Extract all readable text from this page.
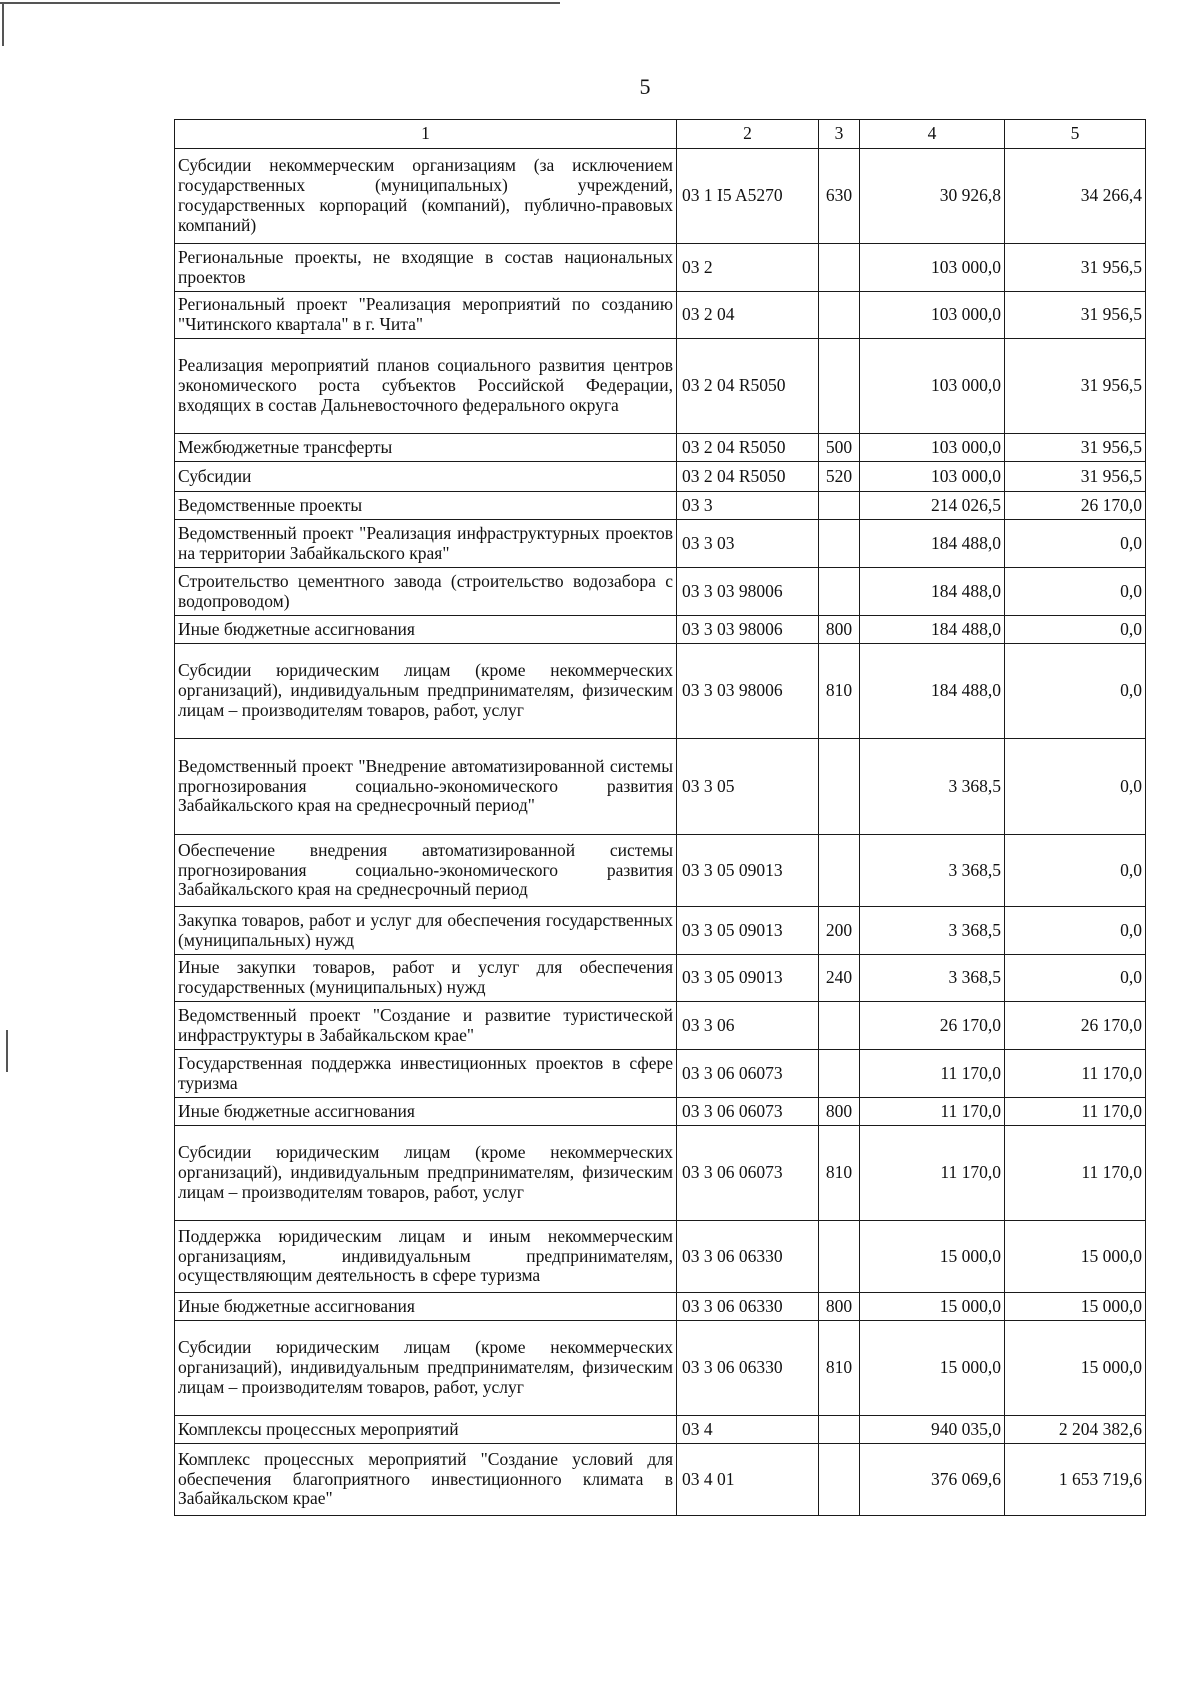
5
1	2	3	4	5
Субсидии некоммерческим организациям (за исключением государственных (муниципальных) учреждений, государственных корпораций (компаний), публично-правовых компаний)	03 1 I5 A5270	630	30 926,8	34 266,4
Региональные проекты, не входящие в состав национальных проектов	03 2		103 000,0	31 956,5
Региональный проект "Реализация мероприятий по созданию "Читинского квартала" в г. Чита"	03 2 04		103 000,0	31 956,5
Реализация мероприятий планов социального развития центров экономического роста субъектов Российской Федерации, входящих в состав Дальневосточного федерального округа	03 2 04 R5050		103 000,0	31 956,5
Межбюджетные трансферты	03 2 04 R5050	500	103 000,0	31 956,5
Субсидии	03 2 04 R5050	520	103 000,0	31 956,5
Ведомственные проекты	03 3		214 026,5	26 170,0
Ведомственный проект "Реализация инфраструктурных проектов на территории Забайкальского края"	03 3 03		184 488,0	0,0
Строительство цементного завода (строительство водозабора с водопроводом)	03 3 03 98006		184 488,0	0,0
Иные бюджетные ассигнования	03 3 03 98006	800	184 488,0	0,0
Субсидии юридическим лицам (кроме некоммерческих организаций), индивидуальным предпринимателям, физическим лицам – производителям товаров, работ, услуг	03 3 03 98006	810	184 488,0	0,0
Ведомственный проект "Внедрение автоматизированной системы прогнозирования социально-экономического развития Забайкальского края на среднесрочный период"	03 3 05		3 368,5	0,0
Обеспечение внедрения автоматизированной системы прогнозирования социально-экономического развития Забайкальского края на среднесрочный период	03 3 05 09013		3 368,5	0,0
Закупка товаров, работ и услуг для обеспечения государственных (муниципальных) нужд	03 3 05 09013	200	3 368,5	0,0
Иные закупки товаров, работ и услуг для обеспечения государственных (муниципальных) нужд	03 3 05 09013	240	3 368,5	0,0
Ведомственный проект "Создание и развитие туристической инфраструктуры в Забайкальском крае"	03 3 06		26 170,0	26 170,0
Государственная поддержка инвестиционных проектов в сфере туризма	03 3 06 06073		11 170,0	11 170,0
Иные бюджетные ассигнования	03 3 06 06073	800	11 170,0	11 170,0
Субсидии юридическим лицам (кроме некоммерческих организаций), индивидуальным предпринимателям, физическим лицам – производителям товаров, работ, услуг	03 3 06 06073	810	11 170,0	11 170,0
Поддержка юридическим лицам и иным некоммерческим организациям, индивидуальным предпринимателям, осуществляющим деятельность в сфере туризма	03 3 06 06330		15 000,0	15 000,0
Иные бюджетные ассигнования	03 3 06 06330	800	15 000,0	15 000,0
Субсидии юридическим лицам (кроме некоммерческих организаций), индивидуальным предпринимателям, физическим лицам – производителям товаров, работ, услуг	03 3 06 06330	810	15 000,0	15 000,0
Комплексы процессных мероприятий	03 4		940 035,0	2 204 382,6
Комплекс процессных мероприятий "Создание условий для обеспечения благоприятного инвестиционного климата в Забайкальском крае"	03 4 01		376 069,6	1 653 719,6
